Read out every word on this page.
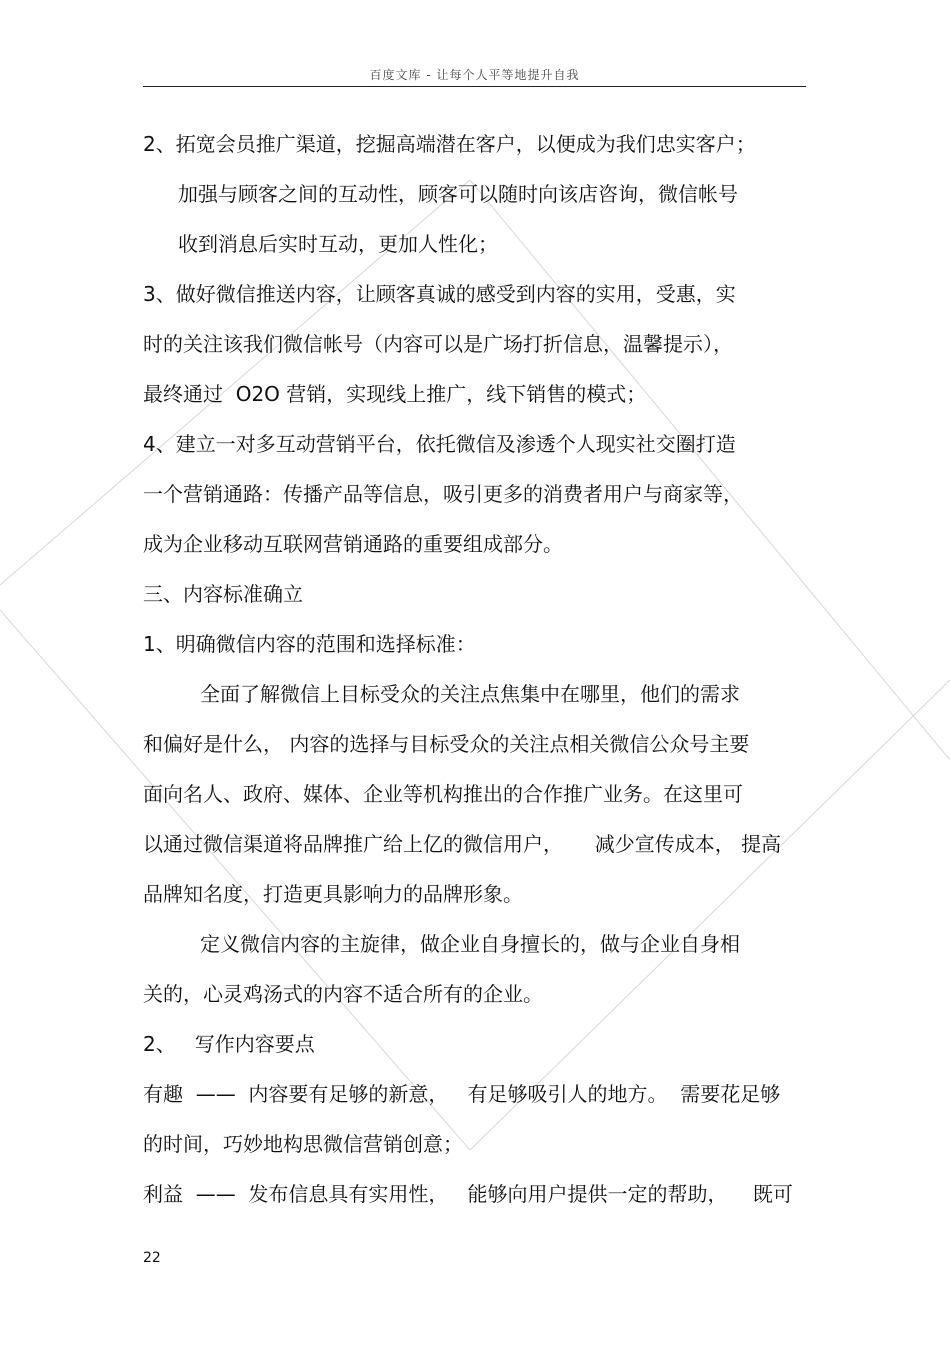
百度文库 - 让每个人平等地提升自我
2、拓宽会员推广渠道，挖掘高端潜在客户，以便成为我们忠实客户；
加强与顾客之间的互动性，顾客可以随时向该店咨询，微信帐号
收到消息后实时互动，更加人性化；
3、做好微信推送内容，让顾客真诚的感受到内容的实用，受惠，实
时的关注该我们微信帐号（内容可以是广场打折信息，温馨提示），
最终通过  O2O 营销，实现线上推广，线下销售的模式；
4、建立一对多互动营销平台，依托微信及渗透个人现实社交圈打造
一个营销通路：传播产品等信息，吸引更多的消费者用户与商家等，
成为企业移动互联网营销通路的重要组成部分。
三、内容标准确立
1、明确微信内容的范围和选择标准：
全面了解微信上目标受众的关注点焦集中在哪里，他们的需求
和偏好是什么， 内容的选择与目标受众的关注点相关微信公众号主要
面向名人、政府、媒体、企业等机构推出的合作推广业务。在这里可
以通过微信渠道将品牌推广给上亿的微信用户，     减少宣传成本， 提高
品牌知名度，打造更具影响力的品牌形象。
定义微信内容的主旋律，做企业自身擅长的，做与企业自身相
关的，心灵鸡汤式的内容不适合所有的企业。
2、   写作内容要点
有趣  ——  内容要有足够的新意，   有足够吸引人的地方。  需要花足够
的时间，巧妙地构思微信营销创意；
利益  ——  发布信息具有实用性，   能够向用户提供一定的帮助，    既可
22
